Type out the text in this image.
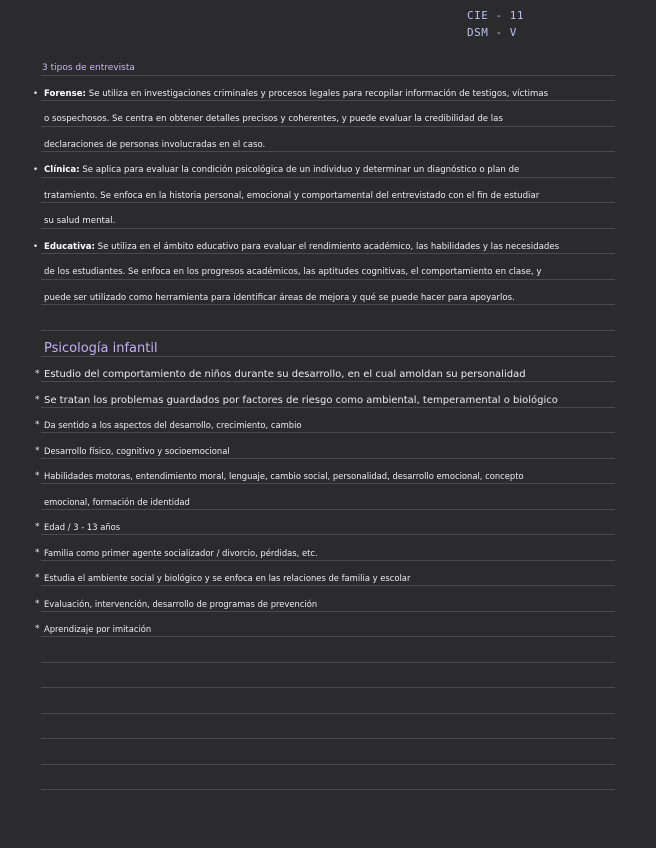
CIE - 11
DSM - V
3 tipos de entrevista
• Forense: Se utiliza en investigaciones criminales y procesos legales para recopilar información de testigos, víctimas
o sospechosos. Se centra en obtener detalles precisos y coherentes, y puede evaluar la credibilidad de las
declaraciones de personas involucradas en el caso.
• Clínica: Se aplica para evaluar la condición psicológica de un individuo y determinar un diagnóstico o plan de
tratamiento. Se enfoca en la historia personal, emocional y comportamental del entrevistado con el fin de estudiar
su salud mental.
• Educativa: Se utiliza en el ámbito educativo para evaluar el rendimiento académico, las habilidades y las necesidades
de los estudiantes. Se enfoca en los progresos académicos, las aptitudes cognitivas, el comportamiento en clase, y
puede ser utilizado como herramienta para identificar áreas de mejora y qué se puede hacer para apoyarlos.
Psicología infantil
* Estudio del comportamiento de niños durante su desarrollo, en el cual amoldan su personalidad
* Se tratan los problemas guardados por factores de riesgo como ambiental, temperamental o biológico
* Da sentido a los aspectos del desarrollo, crecimiento, cambio
* Desarrollo físico, cognitivo y socioemocional
* Habilidades motoras, entendimiento moral, lenguaje, cambio social, personalidad, desarrollo emocional, concepto
emocional, formación de identidad
* Edad / 3 - 13 años
* Familia como primer agente socializador / divorcio, pérdidas, etc.
* Estudia el ambiente social y biológico y se enfoca en las relaciones de familia y escolar
* Evaluación, intervención, desarrollo de programas de prevención
* Aprendizaje por imitación
